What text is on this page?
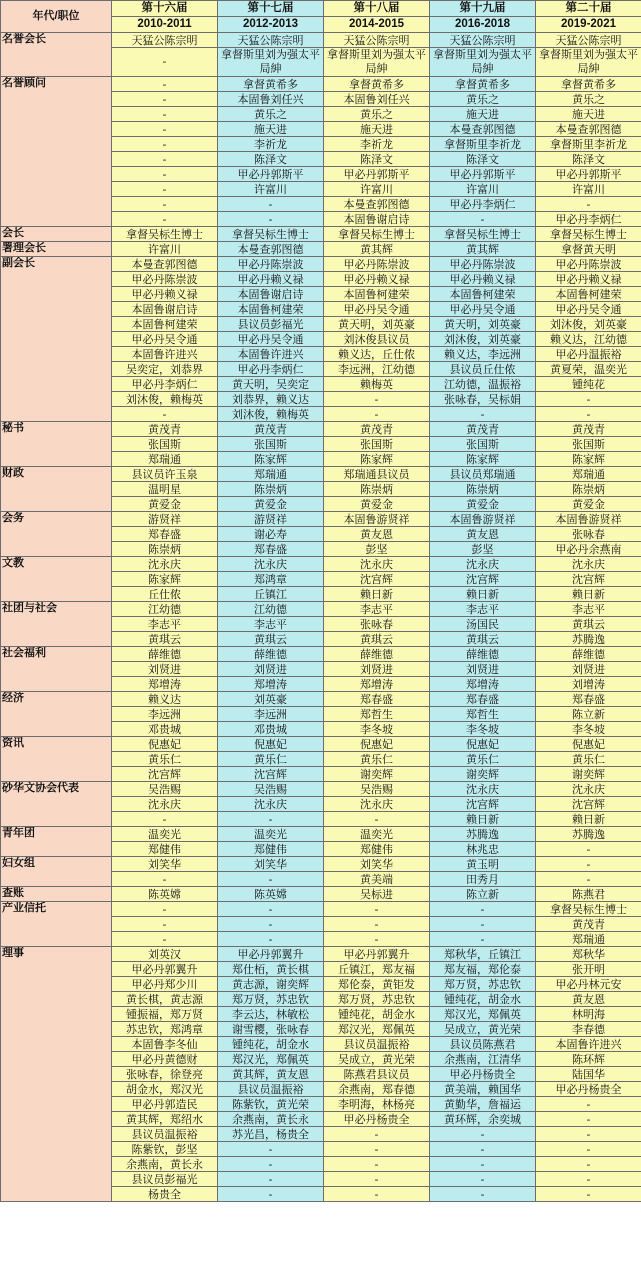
年代/职位	第十六届	第十七届	第十八届	第十九届	第二十届
	2010-2011	2012-2013	2014-2015	2016-2018	2019-2021
名誉会长	天猛公陈宗明	天猛公陈宗明	天猛公陈宗明	天猛公陈宗明	天猛公陈宗明
	-	拿督斯里刘为强太平局紳	拿督斯里刘为强太平局紳	拿督斯里刘为强太平局紳	拿督斯里刘为强太平局紳
名誉顾问	-	拿督黄希多	拿督黄希多	拿督黄希多	拿督黄希多
	-	本固鲁刘任兴	本固鲁刘任兴	黄乐之	黄乐之
	-	黄乐之	黄乐之	施天进	施天进
	-	施天进	施天进	本曼查郭图德	本曼查郭图德
	-	李祈龙	李祈龙	拿督斯里李祈龙	拿督斯里李祈龙
	-	陈泽文	陈泽文	陈泽文	陈泽文
	-	甲必丹郭斯平	甲必丹郭斯平	甲必丹郭斯平	甲必丹郭斯平
	-	许富川	许富川	许富川	许富川
	-	-	本曼查郭图德	甲必丹李炳仁	-
	-	-	本固鲁谢启诗	-	甲必丹李炳仁
会长	拿督吴标生博士	拿督吴标生博士	拿督吴标生博士	拿督吴标生博士	拿督吴标生博士
署理会长	许富川	本曼查郭图德	黄其辉	黄其辉	拿督黄天明
副会长	本曼查郭图德	甲必丹陈崇波	甲必丹陈崇波	甲必丹陈崇波	甲必丹陈崇波
	甲必丹陈崇波	甲必丹赖义禄	甲必丹赖义禄	甲必丹赖义禄	甲必丹赖义禄
	甲必丹赖义禄	本固鲁谢启诗	本固鲁柯建荣	本固鲁柯建荣	本固鲁柯建荣
	本固鲁谢启诗	本固鲁柯建荣	甲必丹吴令通	甲必丹吴令通	甲必丹吴令通
	本固鲁柯建荣	县议员彭福光	黄天明，刘英豪	黄天明，刘英豪	刘沐俊，刘英豪
	甲必丹吴令通	甲必丹吴令通	刘沐俊县议员	刘沐俊，刘英豪	赖义达，江幼德
	本固鲁许进兴	本固鲁许进兴	赖义达，丘仕侬	赖义达，李远洲	甲必丹温振裕
	吴奕定，刘恭界	甲必丹李炳仁	李远洲，江幼德	县议员丘仕侬	黄夏荣，温奕光
	甲必丹李炳仁	黄天明，吴奕定	赖梅英	江幼德，温振裕	锺纯花
	刘沐俊，赖梅英	刘恭界，赖义达	-	张咏春，吴标娟	-
	-	刘沐俊，赖梅英	-	-	-
秘书	黄茂青	黄茂青	黄茂青	黄茂青	黄茂青
	张国斯	张国斯	张国斯	张国斯	张国斯
	郑瑞通	陈家辉	陈家辉	陈家辉	陈家辉
财政	县议员许玉泉	郑瑞通	郑瑞通县议员	县议员郑瑞通	郑瑞通
	温明星	陈崇炳	陈崇炳	陈崇炳	陈崇炳
	黄爱金	黄爱金	黄爱金	黄爱金	黄爱金
会务	游贤祥	游贤祥	本固鲁游贤祥	本固鲁游贤祥	本固鲁游贤祥
	郑春盛	谢必寿	黄友恩	黄友恩	张咏春
	陈崇炳	郑春盛	彭坚	彭坚	甲必丹余燕南
文教	沈永庆	沈永庆	沈永庆	沈永庆	沈永庆
	陈家辉	郑鸿章	沈宫辉	沈宫辉	沈宫辉
	丘仕侬	丘镇江	赖日新	赖日新	赖日新
社团与社会	江幼德	江幼德	李志平	李志平	李志平
	李志平	李志平	张咏春	汤国民	黄琪云
	黄琪云	黄琪云	黄琪云	黄琪云	苏腾逸
社会福利	薛维德	薛维德	薛维德	薛维德	薛维德
	刘贤进	刘贤进	刘贤进	刘贤进	刘贤进
	郑增涛	郑增涛	郑增涛	郑增涛	刘增涛
经济	赖义达	刘英豪	郑春盛	郑春盛	郑春盛
	李远洲	李远洲	郑哲生	郑哲生	陈立新
	邓贵城	邓贵城	李冬坡	李冬坡	李冬坡
资讯	倪惠妃	倪惠妃	倪惠妃	倪惠妃	倪惠妃
	黄乐仁	黄乐仁	黄乐仁	黄乐仁	黄乐仁
	沈宫辉	沈宫辉	谢奕辉	谢奕辉	谢奕辉
砂华文协会代表	吴浩赐	吴浩赐	吴浩赐	沈永庆	沈永庆
	沈永庆	沈永庆	沈永庆	沈宫辉	沈宫辉
	-	-	-	赖日新	赖日新
青年团	温奕光	温奕光	温奕光	苏腾逸	苏腾逸
	郑健伟	郑健伟	郑健伟	林兆忠	-
妇女组	刘笑华	刘笑华	刘笑华	黄玉明	-
	-	-	黄美端	田秀月	-
查账	陈英嫦	陈英嫦	吴标进	陈立新	陈燕君
产业信托	-	-	-	-	拿督吴标生博士
	-	-	-	-	黄茂青
	-	-	-	-	郑瑞通
理事	刘英汉	甲必丹郭翼升	甲必丹郭翼升	郑秋华，丘镇江	郑秋华
	甲必丹郭翼升	郑仕栢，黄长棋	丘镇江，郑友福	郑友福，郑伦泰	张开明
	甲必丹郑少川	黄志源，谢奕辉	郑伦泰，黄钜发	郑万贤，苏忠钦	甲必丹林元安
	黄长棋，黄志源	郑万贤，苏忠钦	郑万贤，苏忠钦	锺纯花，胡金水	黄友恩
	锺振福，郑万贤	李云达，林敏松	锺纯花，胡金水	郑汉光，郑佩英	林明海
	苏忠钦，郑鸿章	谢雪樱，张咏春	郑汉光，郑佩英	吴成立，黄光荣	李春德
	本固鲁李冬仙	锺纯花，胡金水	县议员温振裕	县议员陈燕君	本固鲁许进兴
	甲必丹黄德财	郑汉光，郑佩英	吴成立，黄光荣	余燕南，江清华	陈环辉
	张咏春，徐登亮	黄其辉，黄友恩	陈燕君县议员	甲必丹杨贵全	陆国华
	胡金水，郑汉光	县议员温振裕	余燕南，郑春德	黄美端，赖国华	甲必丹杨贵全
	甲必丹郭造民	陈紫钦，黄光荣	李明海，林杨亮	黄勤华，詹福运	-
	黄其辉，郑绍水	余燕南，黄长永	甲必丹杨贵全	黄环辉，余奕城	-
	县议员温振裕	苏光昌，杨贵全	-	-	-
	陈紫钦，彭坚	-	-	-	-
	余燕南，黄长永	-	-	-	-
	县议员彭福光	-	-	-	-
	杨贵全	-	-	-	-
